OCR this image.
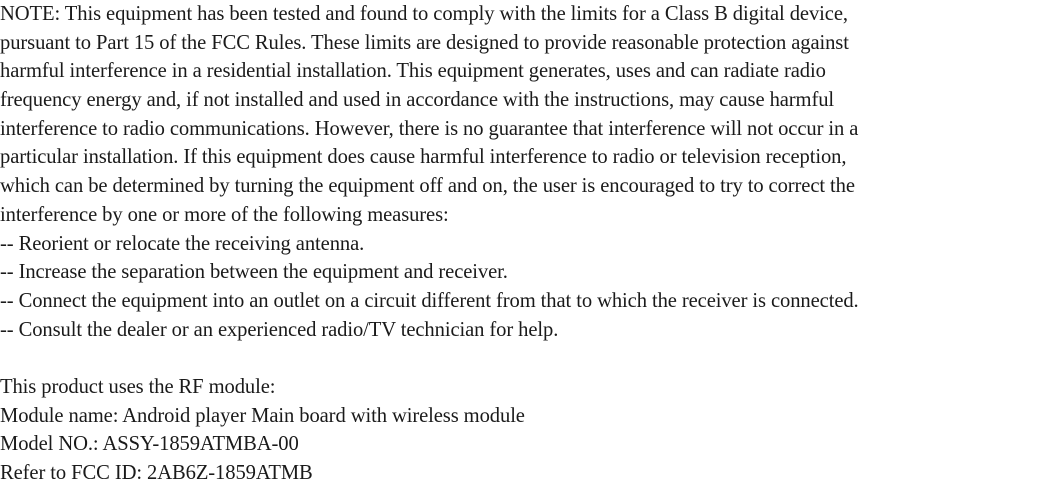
NOTE: This equipment has been tested and found to comply with the limits for a Class B digital device,
pursuant to Part 15 of the FCC Rules. These limits are designed to provide reasonable protection against
harmful interference in a residential installation. This equipment generates, uses and can radiate radio
frequency energy and, if not installed and used in accordance with the instructions, may cause harmful
interference to radio communications. However, there is no guarantee that interference will not occur in a
particular installation. If this equipment does cause harmful interference to radio or television reception,
which can be determined by turning the equipment off and on, the user is encouraged to try to correct the
interference by one or more of the following measures:
-- Reorient or relocate the receiving antenna.
-- Increase the separation between the equipment and receiver.
-- Connect the equipment into an outlet on a circuit different from that to which the receiver is connected.
-- Consult the dealer or an experienced radio/TV technician for help.
This product uses the RF module:
Module name: Android player Main board with wireless module
Model NO.: ASSY-1859ATMBA-00
Refer to FCC ID: 2AB6Z-1859ATMB
